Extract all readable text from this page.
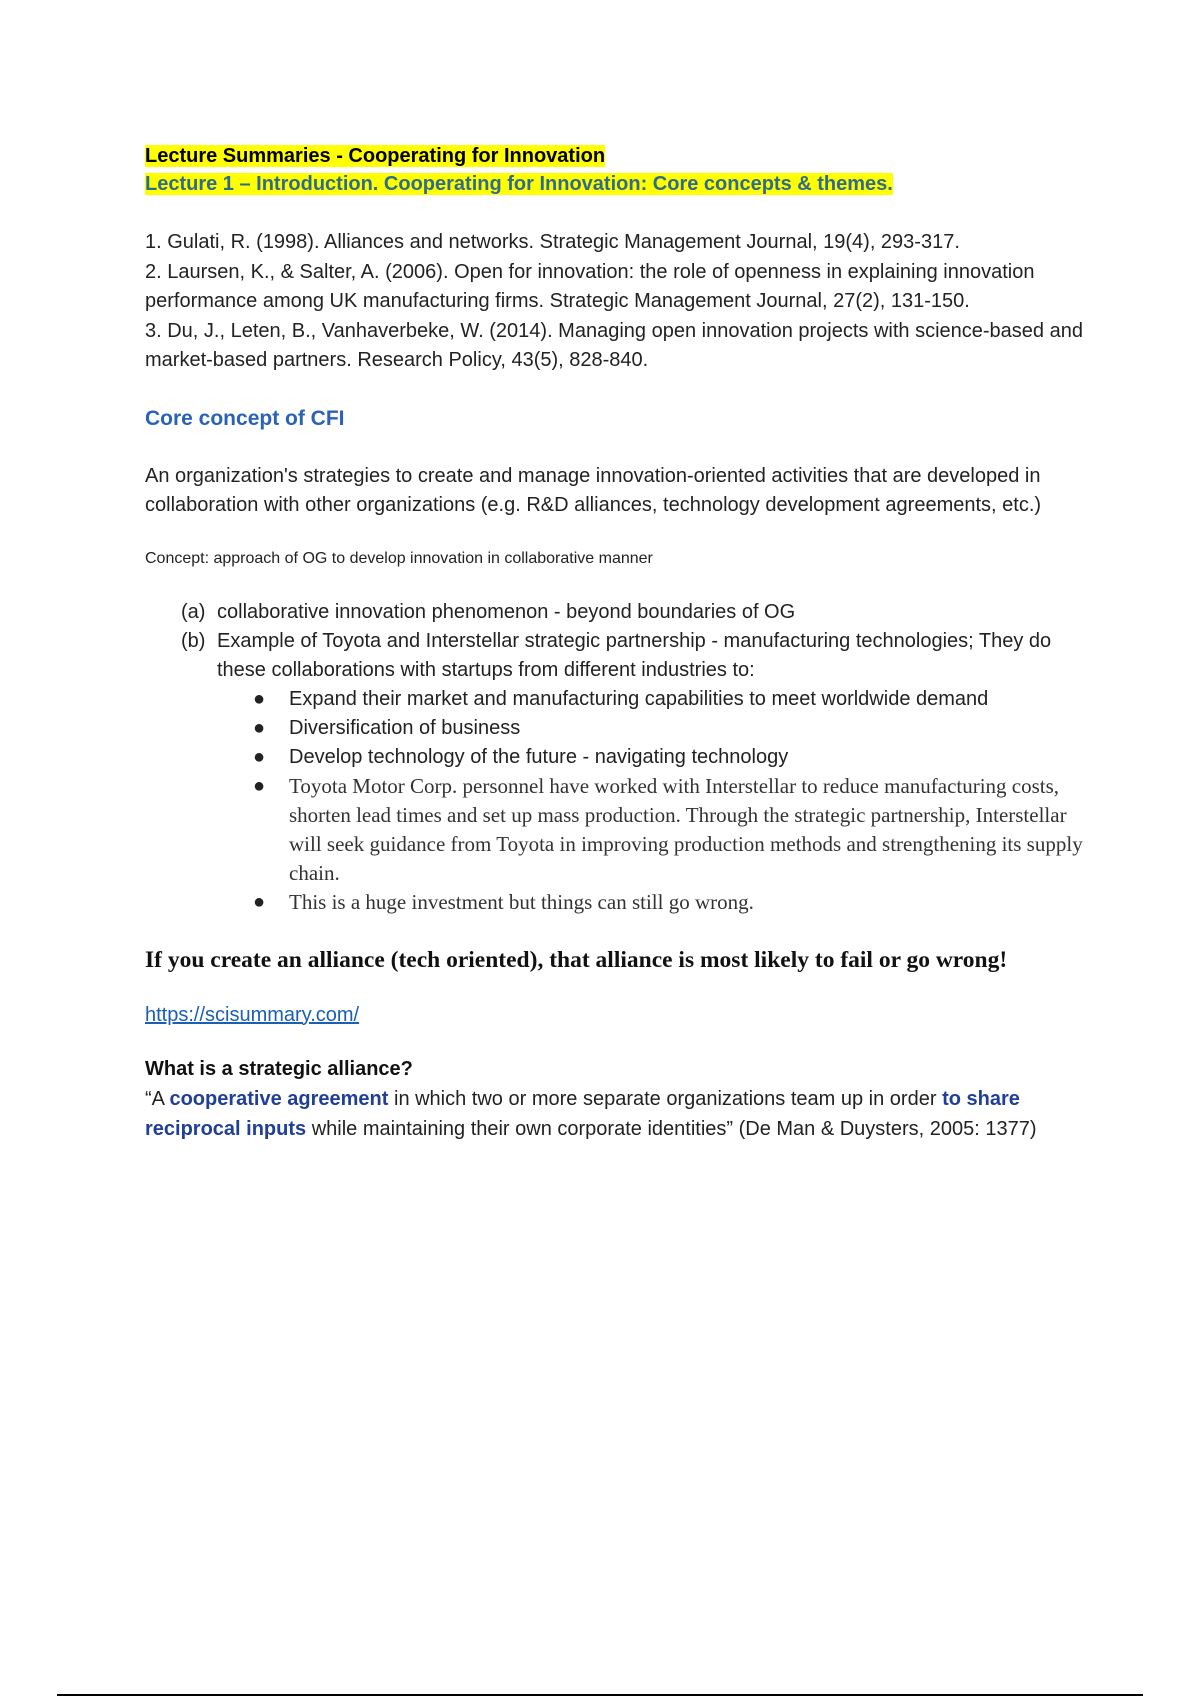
Lecture Summaries - Cooperating for Innovation

Lecture 1 – Introduction. Cooperating for Innovation: Core concepts & themes.

1. Gulati, R. (1998). Alliances and networks. Strategic Management Journal, 19(4), 293-317.

2. Laursen, K., & Salter, A. (2006). Open for innovation: the role of openness in explaining innovation performance among UK manufacturing firms. Strategic Management Journal, 27(2), 131-150.

3. Du, J., Leten, B., Vanhaverbeke, W. (2014). Managing open innovation projects with science-based and market-based partners. Research Policy, 43(5), 828-840.

Core concept of CFI
An organization's strategies to create and manage innovation-oriented activities that are developed in collaboration with other organizations (e.g. R&D alliances, technology development agreements, etc.)
Concept: approach of OG to develop innovation in collaborative manner
(a) collaborative innovation phenomenon - beyond boundaries of OG
(b) Example of Toyota and Interstellar strategic partnership - manufacturing technologies; They do these collaborations with startups from different industries to:
●	Expand their market and manufacturing capabilities to meet worldwide demand
●	Diversification of business
●	Develop technology of the future - navigating technology
●	Toyota Motor Corp. personnel have worked with Interstellar to reduce manufacturing costs, shorten lead times and set up mass production. Through the strategic partnership, Interstellar will seek guidance from Toyota in improving production methods and strengthening its supply chain.
●	This is a huge investment but things can still go wrong.
If you create an alliance (tech oriented), that alliance is most likely to fail or go wrong!
https://scisummary.com/
What is a strategic alliance?
“A cooperative agreement in which two or more separate organizations team up in order to share reciprocal inputs while maintaining their own corporate identities” (De Man & Duysters, 2005: 1377)
